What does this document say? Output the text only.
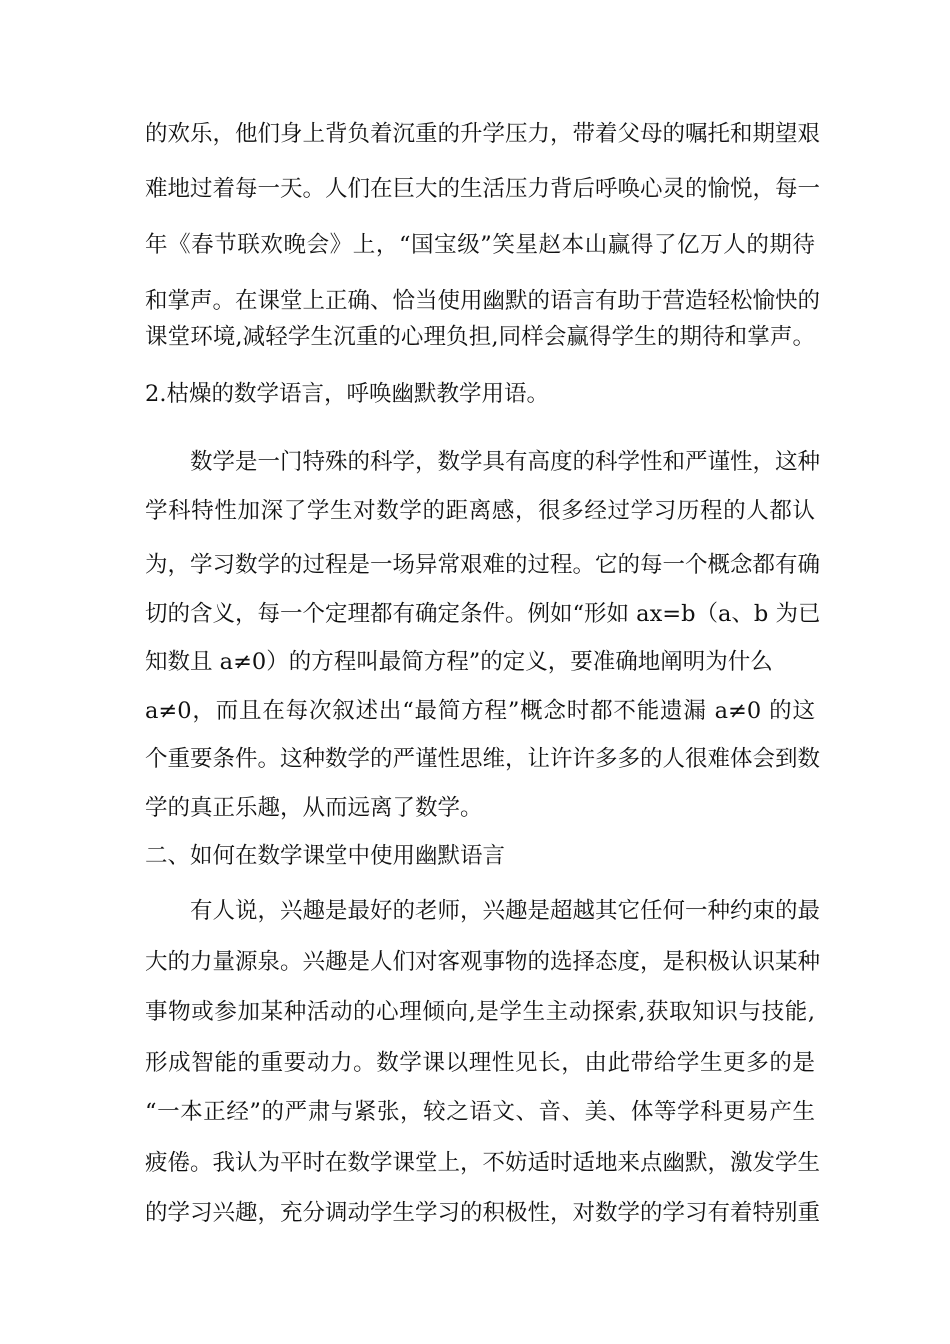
的欢乐，他们身上背负着沉重的升学压力，带着父母的嘱托和期望艰
难地过着每一天。人们在巨大的生活压力背后呼唤心灵的愉悦，每一
年《春节联欢晚会》上，“国宝级”笑星赵本山赢得了亿万人的期待
和掌声。在课堂上正确、恰当使用幽默的语言有助于营造轻松愉快的
课堂环境,减轻学生沉重的心理负担,同样会赢得学生的期待和掌声。
2.枯燥的数学语言，呼唤幽默教学用语。
数学是一门特殊的科学，数学具有高度的科学性和严谨性，这种
学科特性加深了学生对数学的距离感，很多经过学习历程的人都认
为，学习数学的过程是一场异常艰难的过程。它的每一个概念都有确
切的含义，每一个定理都有确定条件。例如“形如 ax=b（a、b 为已
知数且 a≠0）的方程叫最简方程”的定义，要准确地阐明为什么
a≠0，而且在每次叙述出“最简方程”概念时都不能遗漏 a≠0 的这
个重要条件。这种数学的严谨性思维，让许许多多的人很难体会到数
学的真正乐趣，从而远离了数学。
二、如何在数学课堂中使用幽默语言
有人说，兴趣是最好的老师，兴趣是超越其它任何一种约束的最
大的力量源泉。兴趣是人们对客观事物的选择态度，是积极认识某种
事物或参加某种活动的心理倾向,是学生主动探索,获取知识与技能,
形成智能的重要动力。数学课以理性见长，由此带给学生更多的是
“一本正经”的严肃与紧张，较之语文、音、美、体等学科更易产生
疲倦。我认为平时在数学课堂上，不妨适时适地来点幽默，激发学生
的学习兴趣，充分调动学生学习的积极性，对数学的学习有着特别重
